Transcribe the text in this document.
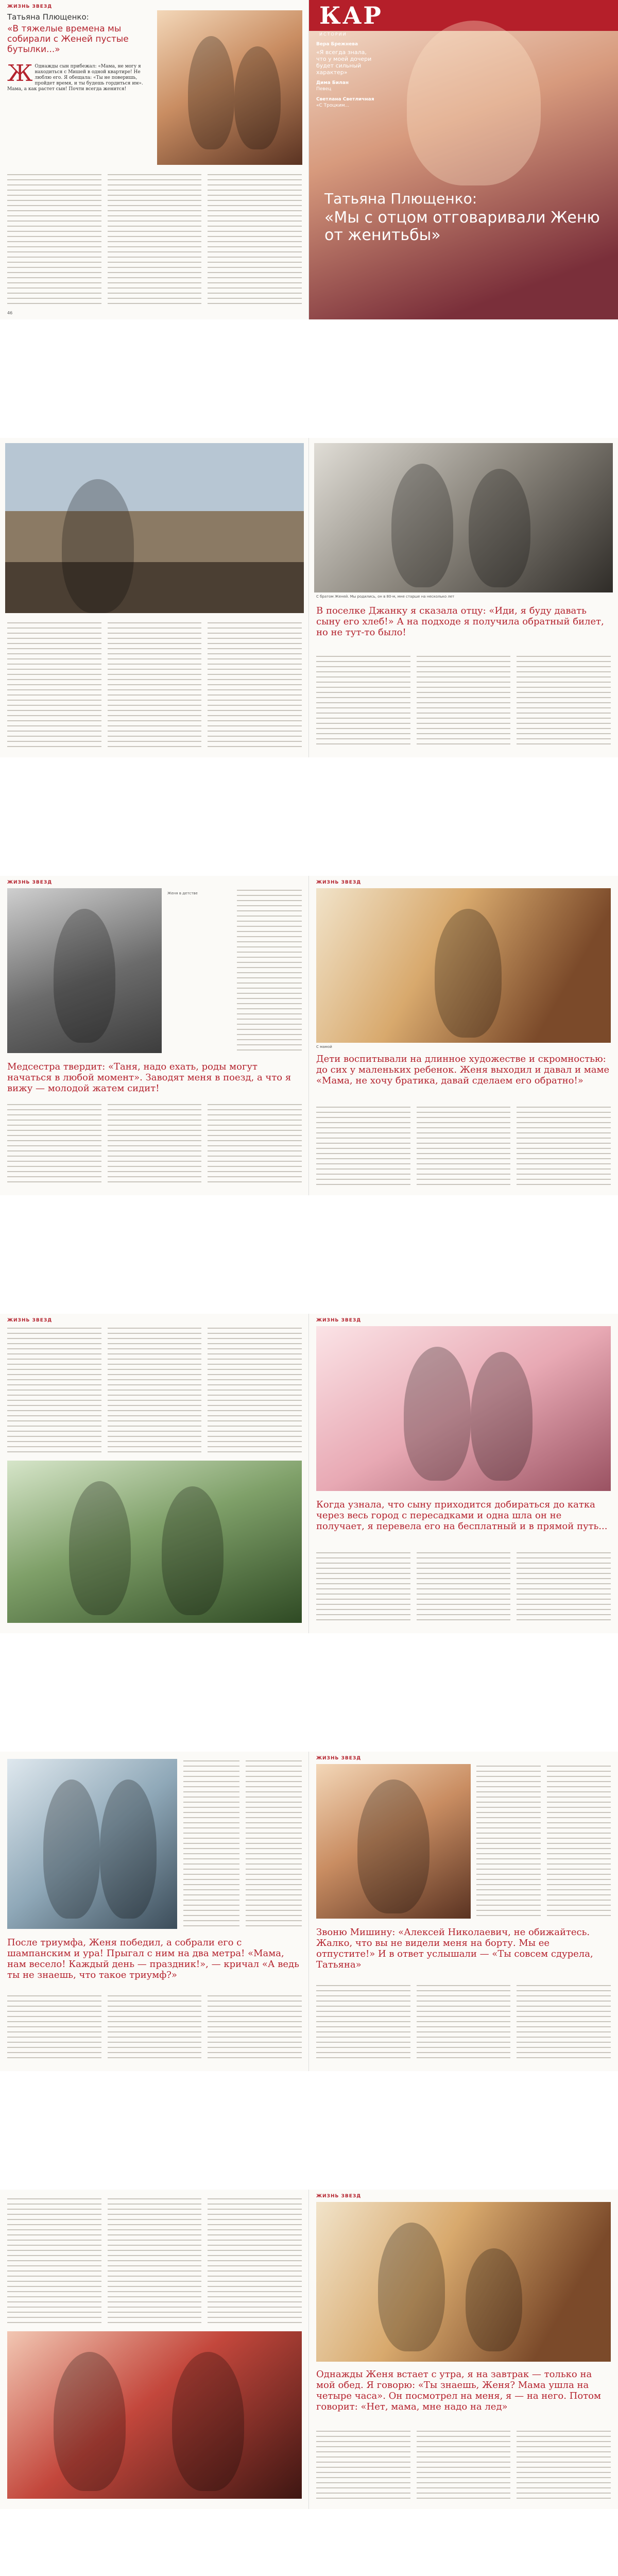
ЖИЗНЬ ЗВЕЗД
Татьяна Плющенко:
«В тяжелые времена мы собирали с Женей пустые бутылки...»
Ж Однажды сын прибежал: «Мама, не могу я находиться с Мишей в одной квартире! Не люблю его. Я обещала: «Ты не поверишь, пройдет время, и ты будешь гордиться им». Мама, а как растет сын! Почти всегда женится!
46
КАР
ИСТОРИИ
Вера Брежнева
«Я всегда знала, что у моей дочери будет сильный характер»
Дима Билан
Певец
Светлана Светличная
«С Троцким...
Татьяна Плющенко:
«Мы с отцом отговаривали Женю от женитьбы»
С братом Женей. Мы родились, он в 80-м, мне старше на несколько лет
В поселке Джанку я сказала отцу: «Иди, я буду давать сыну его хлеб!» А на подходе я получила обратный билет, но не тут-то было!
ЖИЗНЬ ЗВЕЗД
Женя в детстве
Медсестра твердит: «Таня, надо ехать, роды могут начаться в любой момент». Заводят меня в поезд, а что я вижу — молодой жатем сидит!
ЖИЗНЬ ЗВЕЗД
С мамой
Дети воспитывали на длинное художестве и скромностью: до сих у маленьких ребенок. Женя выходил и давал и маме «Мама, не хочу братика, давай сделаем его обратно!»
ЖИЗНЬ ЗВЕЗД	ЖИЗНЬ ЗВЕЗД
Когда узнала, что сыну приходится добираться до катка через весь город с пересадками и одна шла он не получает, я перевела его на бесплатный и в прямой путь...
После триумфа, Женя победил, а собрали его с шампанским и ура! Прыгал с ним на два метра! «Мама, нам весело! Каждый день — праздник!», — кричал «А ведь ты не знаешь, что такое триумф?»
ЖИЗНЬ ЗВЕЗД
Звоню Мишину: «Алексей Николаевич, не обижайтесь. Жалко, что вы не видели меня на борту. Мы ее отпустите!» И в ответ услышали — «Ты совсем сдурела, Татьяна»
ЖИЗНЬ ЗВЕЗД
Однажды Женя встает с утра, я на завтрак — только на мой обед. Я говорю: «Ты знаешь, Женя? Мама ушла на четыре часа». Он посмотрел на меня, я — на него. Потом говорит: «Нет, мама, мне надо на лед»
